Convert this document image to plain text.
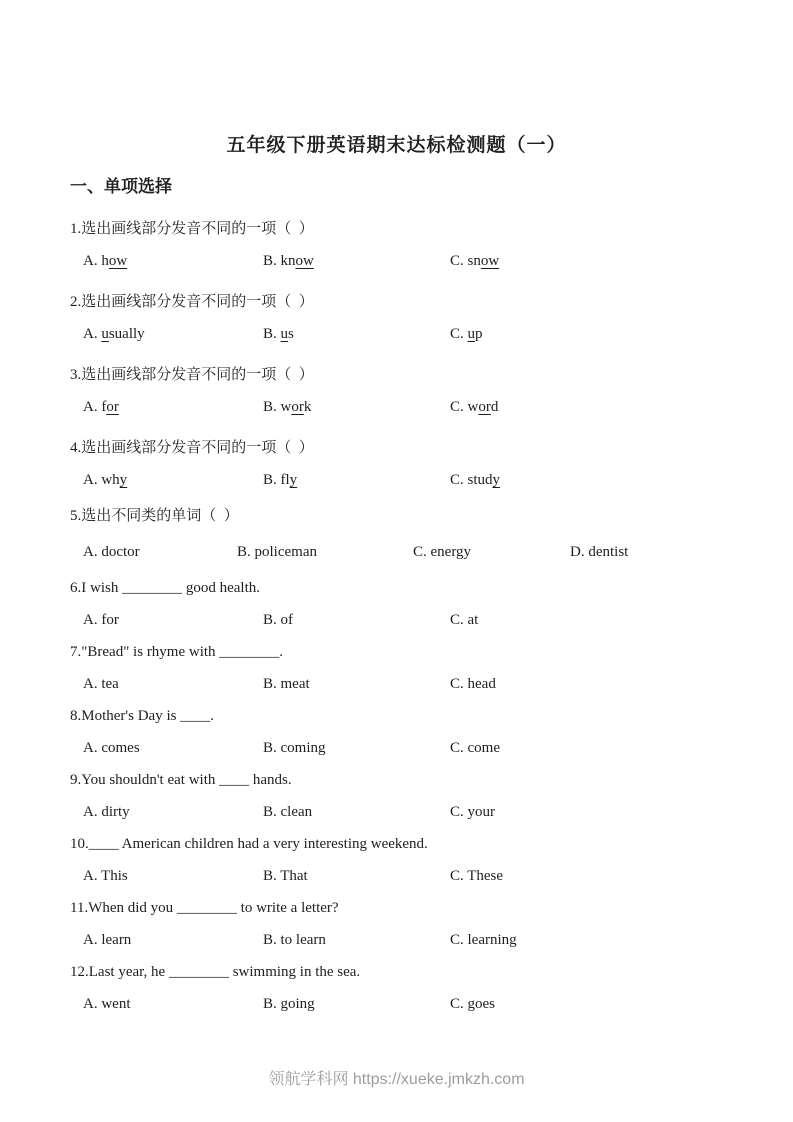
五年级下册英语期末达标检测题（一）
一、单项选择
1.选出画线部分发音不同的一项（  ）
A. how	B. know	C. snow
2.选出画线部分发音不同的一项（  ）
A. usually	B. us	C. up
3.选出画线部分发音不同的一项（  ）
A. for	B. work	C. word
4.选出画线部分发音不同的一项（  ）
A. why	B. fly	C. study
5.选出不同类的单词（  ）
A. doctor	B. policeman	C. energy	D. dentist
6.I wish ________ good health.
A. for	B. of	C. at
7."Bread" is rhyme with ________.
A. tea	B. meat	C. head
8.Mother's Day is ____.
A. comes	B. coming	C. come
9.You shouldn't eat with ____ hands.
A. dirty	B. clean	C. your
10.____ American children had a very interesting weekend.
A. This	B. That	C. These
11.When did you ________ to write a letter?
A. learn	B. to learn	C. learning
12.Last year, he ________ swimming in the sea.
A. went	B. going	C. goes
领航学科网 https://xueke.jmkzh.com
